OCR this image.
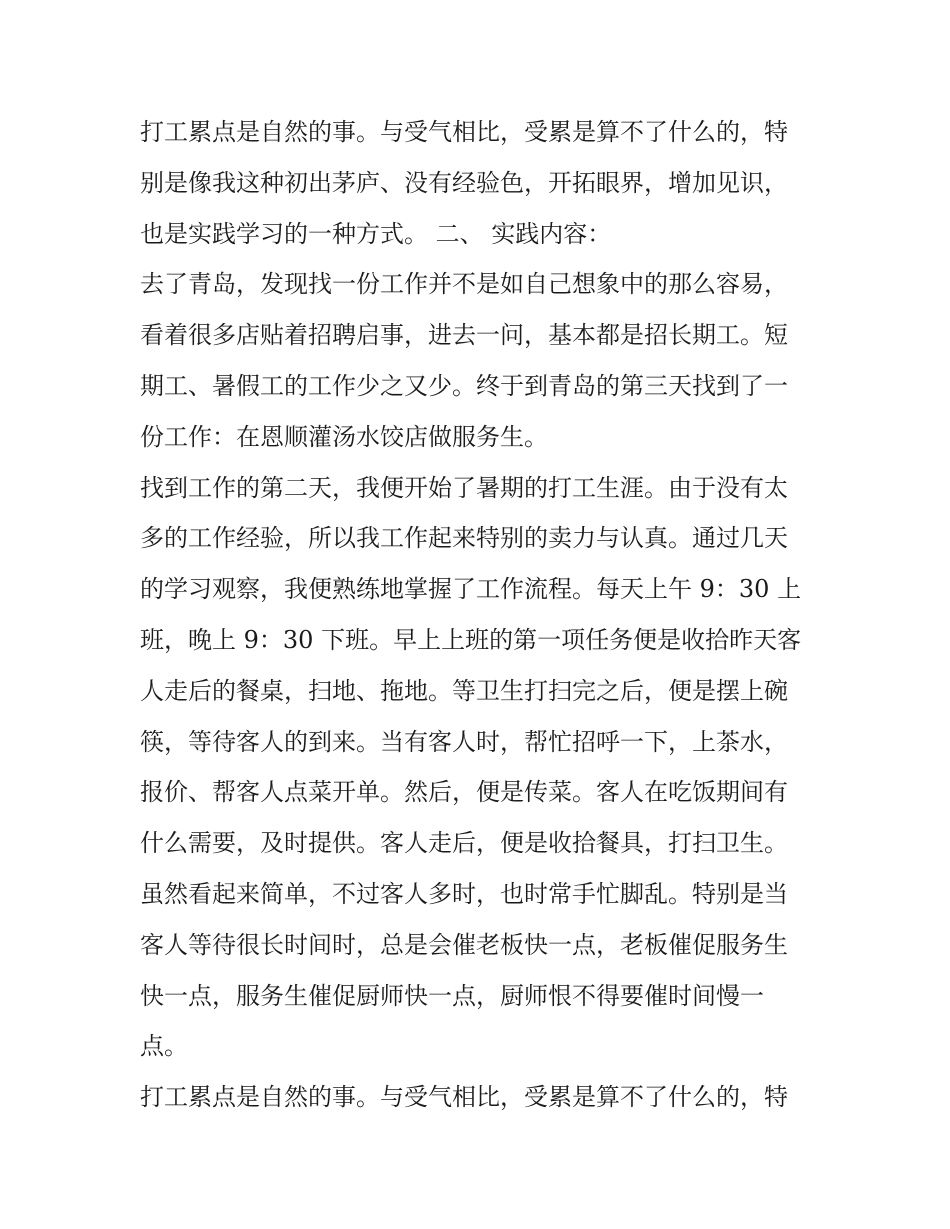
打工累点是自然的事。与受气相比，受累是算不了什么的，特
别是像我这种初出茅庐、没有经验色，开拓眼界，增加见识，
也是实践学习的一种方式。 二、 实践内容：
去了青岛，发现找一份工作并不是如自己想象中的那么容易，
看着很多店贴着招聘启事，进去一问，基本都是招长期工。短
期工、暑假工的工作少之又少。终于到青岛的第三天找到了一
份工作：在恩顺灌汤水饺店做服务生。
找到工作的第二天，我便开始了暑期的打工生涯。由于没有太
多的工作经验，所以我工作起来特别的卖力与认真。通过几天
的学习观察，我便熟练地掌握了工作流程。每天上午 9：30 上
班，晚上 9：30 下班。早上上班的第一项任务便是收拾昨天客
人走后的餐桌，扫地、拖地。等卫生打扫完之后，便是摆上碗
筷，等待客人的到来。当有客人时，帮忙招呼一下，上茶水，
报价、帮客人点菜开单。然后，便是传菜。客人在吃饭期间有
什么需要，及时提供。客人走后，便是收拾餐具，打扫卫生。
虽然看起来简单，不过客人多时，也时常手忙脚乱。特别是当
客人等待很长时间时，总是会催老板快一点，老板催促服务生
快一点，服务生催促厨师快一点，厨师恨不得要催时间慢一
点。
打工累点是自然的事。与受气相比，受累是算不了什么的，特
